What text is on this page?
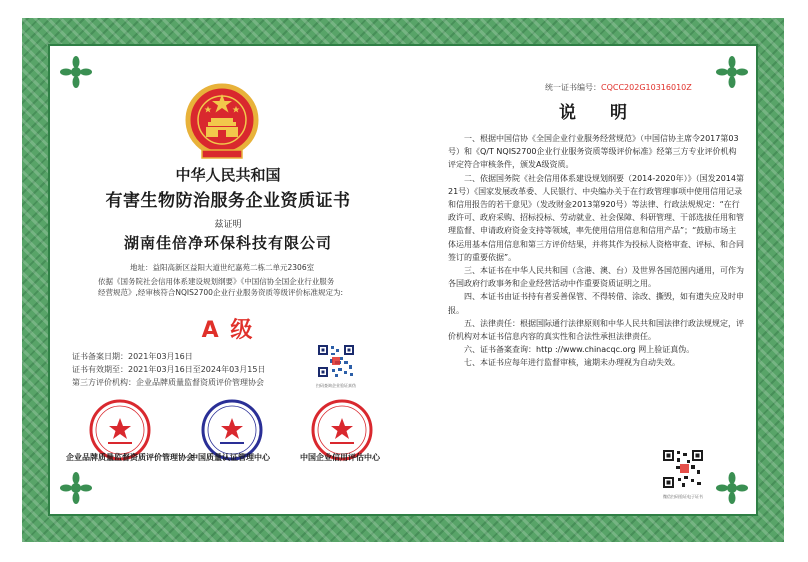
中华人民共和国
有害生物防治服务企业资质证书
兹证明
湖南佳倍净环保科技有限公司
地址：益阳高新区益阳大道世纪嘉苑二栋二单元2306室
依据《国务院社会信用体系建设规划纲要》《中国信协全国企业行业服务
经营规范》,经审核符合NQIS2700企业行业服务资质等级评价标准规定为:
A 级
证书备案日期：2021年03月16日
证书有效期至：2021年03月16日至2024年03月15日
第三方评价机构：企业品牌质量监督资质评价管理协会	扫码查询企业验证真伪
企业品牌质量监督资质评价管理协会
中国质量认证管理中心	中国企业信用评估中心
统一证书编号：CQCC202G10316010Z
说 明

一、根据中国信协《全国企业行业服务经营规范》（中国信协主席令2017第03号）和《Q/T NQIS2700企业行业服务资质等级评价标准》经第三方专业评价机构评定符合审核条件，颁发A级资质。

二、依据国务院《社会信用体系建设规划纲要（2014-2020年）》（国发2014第21号）《国家发展改革委、人民银行、中央编办关于在行政管理事项中使用信用记录和信用报告的若干意见》（发改财金2013第920号）等法律、行政法规规定：“在行政许可、政府采购、招标投标、劳动就业、社会保障、科研管理、干部选拔任用和管理监督、申请政府资金支持等领域，率先使用信用信息和信用产品”；“鼓励市场主体运用基本信用信息和第三方评价结果，并将其作为投标人资格审查、评标、和合同签订的重要依据”。

三、本证书在中华人民共和国（含港、澳、台）及世界各国范围内通用，可作为各国政府行政事务和企业经营活动中作重要资质证明之用。

四、本证书由证书持有者妥善保管、不得转借、涂改、撕毁，如有遗失应及时申报。

五、法律责任：根据国际通行法律原则和中华人民共和国法律行政法规规定，评价机构对本证书信息内容的真实性和合法性承担法律责任。

六、证书备案查询：http ://www.chinacqc.org 网上验证真伪。

七、本证书应每年进行监督审核，逾期未办理视为自动失效。

微信扫码验证电子证书
